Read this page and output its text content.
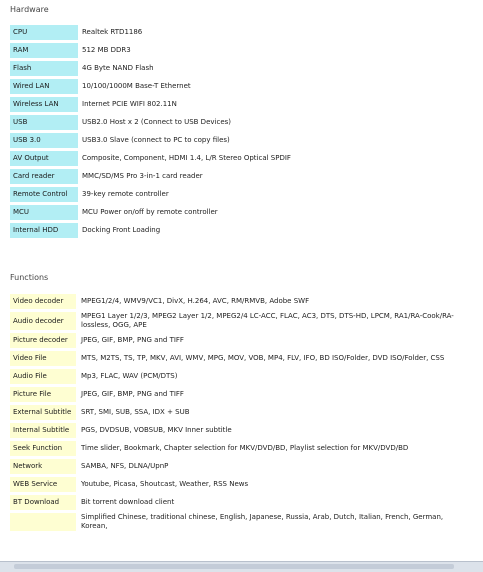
Hardware
CPU	Realtek RTD1186
RAM	512 MB DDR3
Flash	4G Byte NAND Flash
Wired LAN	10/100/1000M Base-T Ethernet
Wireless LAN	Internet PCIE WIFI 802.11N
USB	USB2.0 Host x 2 (Connect to USB Devices)
USB 3.0	USB3.0 Slave (connect to PC to copy files)
AV Output	Composite, Component, HDMI 1.4, L/R Stereo Optical SPDIF
Card reader	MMC/SD/MS Pro 3-in-1 card reader
Remote Control	39-key remote controller
MCU	MCU Power on/off by remote controller
Internal HDD	Docking Front Loading
Functions
Video decoder	MPEG1/2/4, WMV9/VC1, DivX, H.264, AVC, RM/RMVB, Adobe SWF
Audio decoder	MPEG1 Layer 1/2/3, MPEG2 Layer 1/2, MPEG2/4 LC-ACC, FLAC, AC3, DTS, DTS-HD, LPCM, RA1/RA-Cook/RA-lossless, OGG, APE
Picture decoder	JPEG, GIF, BMP, PNG and TIFF
Video File	MTS, M2TS, TS, TP, MKV, AVI, WMV, MPG, MOV, VOB, MP4, FLV, IFO, BD ISO/Folder, DVD ISO/Folder, CSS
Audio File	Mp3, FLAC, WAV (PCM/DTS)
Picture File	JPEG, GIF, BMP, PNG and TIFF
External Subtitle	SRT, SMI, SUB, SSA, IDX + SUB
Internal Subtitle	PGS, DVDSUB, VOBSUB, MKV Inner subtitle
Seek Function	Time slider, Bookmark, Chapter selection for MKV/DVD/BD, Playlist selection for MKV/DVD/BD
Network	SAMBA, NFS, DLNA/UpnP
WEB Service	Youtube, Picasa, Shoutcast, Weather, RSS News
BT Download	Bit torrent download client
	Simplified Chinese, traditional chinese, English, Japanese, Russia, Arab, Dutch, Italian, French, German, Korean,
